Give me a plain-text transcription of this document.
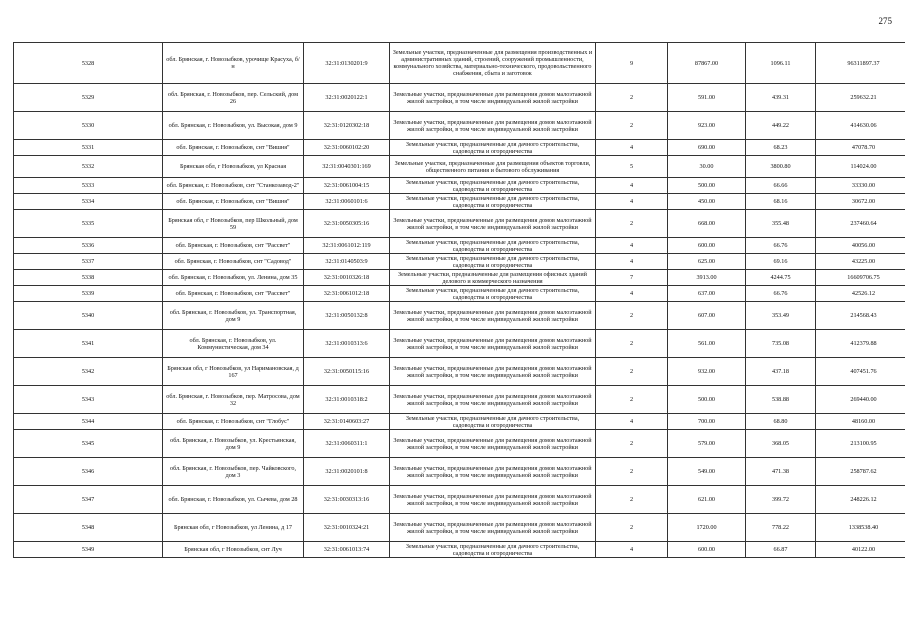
275
5328	обл. Брянская, г. Новозыбков, урочище Красуха, б/н	32:31:0130201:9	Земельные участки, предназначенные для размещения производственных и административных зданий, строений, сооружений промышленности, коммунального хозяйства, материально-технического, продовольственного снабжения, сбыта и заготовок	9	87867.00	1096.11	96311897.37
5329	обл. Брянская, г. Новозыбков, пер. Сельский, дом 26	32:31:0020122:1	Земельные участки, предназначенные для размещения домов малоэтажной жилой застройки, в том числе индивидуальной жилой застройки	2	591.00	439.31	259632.21
5330	обл. Брянская, г. Новозыбков, ул. Высокая, дом 9	32:31:0120302:18	Земельные участки, предназначенные для размещения домов малоэтажной жилой застройки, в том числе индивидуальной жилой застройки	2	923.00	449.22	414630.06
5331	обл. Брянская, г. Новозыбков, снт "Вишня"	32:31:0060102:20	Земельные участки, предназначенные для дачного строительства, садоводства и огородничества	4	690.00	68.23	47078.70
5332	Брянская обл, г Новозыбков, ул Красная	32:31:0040301:169	Земельные участки, предназначенные для размещения объектов торговли, общественного питания и бытового обслуживания	5	30.00	3800.80	114024.00
5333	обл. Брянская, г. Новозыбков, снт "Станкозавод-2"	32:31:0061004:15	Земельные участки, предназначенные для дачного строительства, садоводства и огородничества	4	500.00	66.66	33330.00
5334	обл. Брянская, г. Новозыбков, снт "Вишня"	32:31:0060101:6	Земельные участки, предназначенные для дачного строительства, садоводства и огородничества	4	450.00	68.16	30672.00
5335	Брянская обл, г Новозыбков, пер Школьный, дом 59	32:31:0050305:16	Земельные участки, предназначенные для размещения домов малоэтажной жилой застройки, в том числе индивидуальной жилой застройки	2	668.00	355.48	237460.64
5336	обл. Брянская, г. Новозыбков, снт "Рассвет"	32:31:0061012:119	Земельные участки, предназначенные для дачного строительства, садоводства и огородничества	4	600.00	66.76	40056.00
5337	обл. Брянская, г. Новозыбков, снт "Садовод"	32:31:0140503:9	Земельные участки, предназначенные для дачного строительства, садоводства и огородничества	4	625.00	69.16	43225.00
5338	обл. Брянская, г. Новозыбков, ул. Ленина, дом 35	32:31:0010326:18	Земельные участки, предназначенные для размещения офисных зданий делового и коммерческого назначения	7	3913.00	4244.75	16609706.75
5339	обл. Брянская, г. Новозыбков, снт "Рассвет"	32:31:0061012:18	Земельные участки, предназначенные для дачного строительства, садоводства и огородничества	4	637.00	66.76	42526.12
5340	обл. Брянская, г. Новозыбков, ул. Транспортная, дом 9	32:31:0050132:8	Земельные участки, предназначенные для размещения домов малоэтажной жилой застройки, в том числе индивидуальной жилой застройки	2	607.00	353.49	214568.43
5341	обл. Брянская, г. Новозыбков, ул. Коммунистическая, дом 34	32:31:0010313:6	Земельные участки, предназначенные для размещения домов малоэтажной жилой застройки, в том числе индивидуальной жилой застройки	2	561.00	735.08	412379.88
5342	Брянская обл, г Новозыбков, ул Наримановская, д 167	32:31:0050115:16	Земельные участки, предназначенные для размещения домов малоэтажной жилой застройки, в том числе индивидуальной жилой застройки	2	932.00	437.18	407451.76
5343	обл. Брянская, г. Новозыбков, пер. Матросова, дом 32	32:31:0010318:2	Земельные участки, предназначенные для размещения домов малоэтажной жилой застройки, в том числе индивидуальной жилой застройки	2	500.00	538.88	269440.00
5344	обл. Брянская, г. Новозыбков, снт "Глобус"	32:31:0140603:27	Земельные участки, предназначенные для дачного строительства, садоводства и огородничества	4	700.00	68.80	48160.00
5345	обл. Брянская, г. Новозыбков, ул. Крестьянская, дом 9	32:31:0060311:1	Земельные участки, предназначенные для размещения домов малоэтажной жилой застройки, в том числе индивидуальной жилой застройки	2	579.00	368.05	213100.95
5346	обл. Брянская, г. Новозыбков, пер. Чайковского, дом 3	32:31:0020101:8	Земельные участки, предназначенные для размещения домов малоэтажной жилой застройки, в том числе индивидуальной жилой застройки	2	549.00	471.38	258787.62
5347	обл. Брянская, г. Новозыбков, ул. Сычева, дом 28	32:31:0030313:16	Земельные участки, предназначенные для размещения домов малоэтажной жилой застройки, в том числе индивидуальной жилой застройки	2	621.00	399.72	248226.12
5348	Брянская обл, г Новозыбков, ул Ленина, д 17	32:31:0010324:21	Земельные участки, предназначенные для размещения домов малоэтажной жилой застройки, в том числе индивидуальной жилой застройки	2	1720.00	778.22	1338538.40
5349	Брянская обл, г Новозыбков, снт Луч	32:31:0061013:74	Земельные участки, предназначенные для дачного строительства, садоводства и огородничества	4	600.00	66.87	40122.00
